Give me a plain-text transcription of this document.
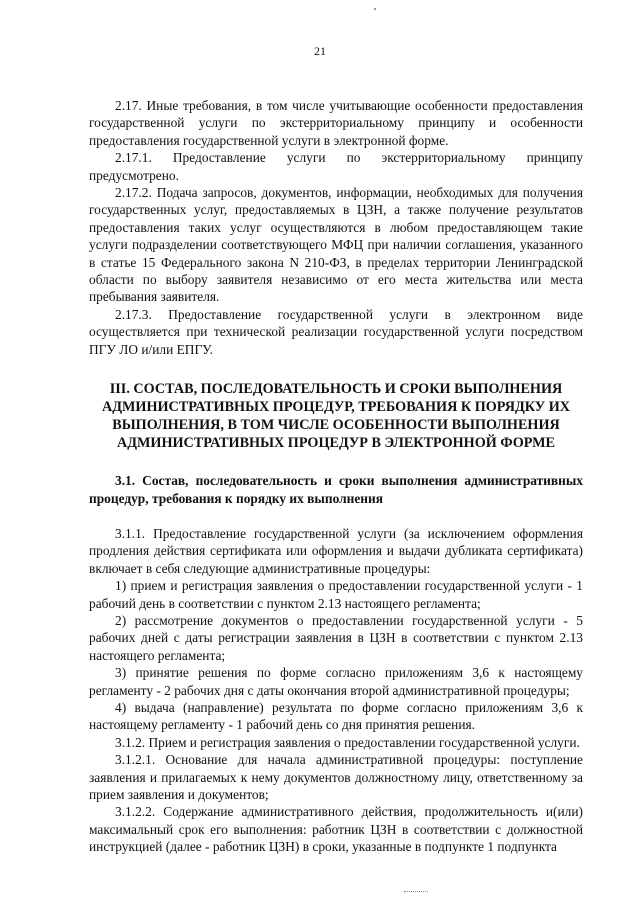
21

2.17. Иные требования, в том числе учитывающие особенности предоставления государственной услуги по экстерриториальному принципу и особенности предоставления государственной услуги в электронной форме.

2.17.1. Предоставление услуги по экстерриториальному принципу предусмотрено.

2.17.2. Подача запросов, документов, информации, необходимых для получения государственных услуг, предоставляемых в ЦЗН, а также получение результатов предоставления таких услуг осуществляются в любом предоставляющем такие услуги подразделении соответствующего МФЦ при наличии соглашения, указанного в статье 15 Федерального закона N 210-ФЗ, в пределах территории Ленинградской области по выбору заявителя независимо от его места жительства или места пребывания заявителя.

2.17.3. Предоставление государственной услуги в электронном виде осуществляется при технической реализации государственной услуги посредством ПГУ ЛО и/или ЕПГУ.

III. СОСТАВ, ПОСЛЕДОВАТЕЛЬНОСТЬ И СРОКИ ВЫПОЛНЕНИЯ АДМИНИСТРАТИВНЫХ ПРОЦЕДУР, ТРЕБОВАНИЯ К ПОРЯДКУ ИХ ВЫПОЛНЕНИЯ, В ТОМ ЧИСЛЕ ОСОБЕННОСТИ ВЫПОЛНЕНИЯ АДМИНИСТРАТИВНЫХ ПРОЦЕДУР В ЭЛЕКТРОННОЙ ФОРМЕ

3.1. Состав, последовательность и сроки выполнения административных процедур, требования к порядку их выполнения

3.1.1. Предоставление государственной услуги (за исключением оформления продления действия сертификата или оформления и выдачи дубликата сертификата) включает в себя следующие административные процедуры:

1) прием и регистрация заявления о предоставлении государственной услуги - 1 рабочий день в соответствии с пунктом 2.13 настоящего регламента;

2) рассмотрение документов о предоставлении государственной услуги - 5 рабочих дней с даты регистрации заявления в ЦЗН в соответствии с пунктом 2.13 настоящего регламента;

3) принятие решения по форме согласно приложениям 3,6 к настоящему регламенту - 2 рабочих дня с даты окончания второй административной процедуры;

4) выдача (направление) результата по форме согласно приложениям 3,6 к настоящему регламенту - 1 рабочий день со дня принятия решения.

3.1.2. Прием и регистрация заявления о предоставлении государственной услуги.

3.1.2.1. Основание для начала административной процедуры: поступление заявления и прилагаемых к нему документов должностному лицу, ответственному за прием заявления и документов;

3.1.2.2. Содержание административного действия, продолжительность и(или) максимальный срок его выполнения: работник ЦЗН в соответствии с должностной инструкцией (далее - работник ЦЗН) в сроки, указанные в подпункте 1 подпункта
